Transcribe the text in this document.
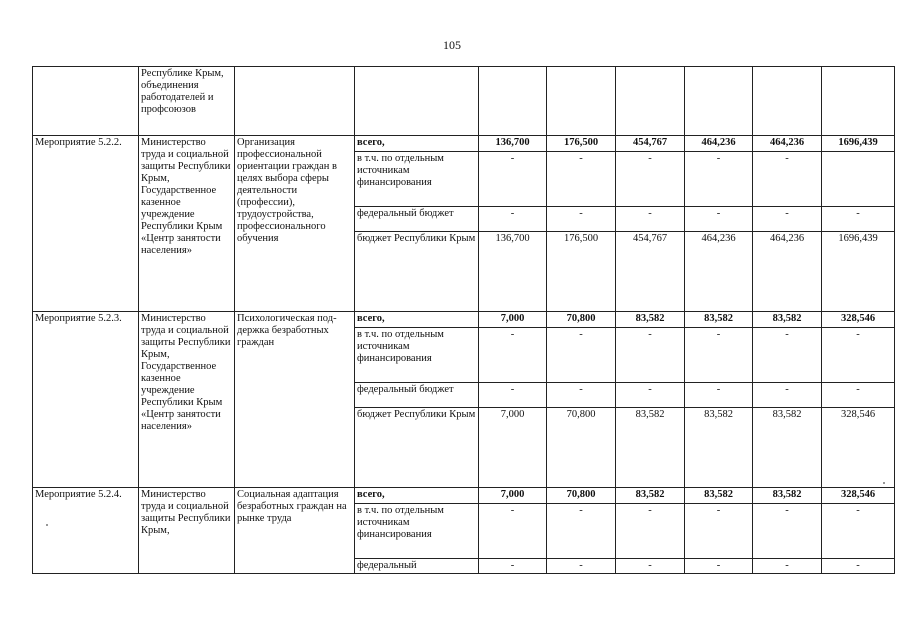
105
	Республике Крым, объединения работодателей и профсоюзов								
Мероприятие 5.2.2.	Министерство труда и социальной защиты Республики Крым, Государственное казенное учреждение Республики Крым «Центр занятости населения»	Организация профессиональной ориентации граждан в целях выбора сферы деятельности (профессии), трудоустройства, профессионального обучения	всего,	136,700	176,500	454,767	464,236	464,236	1696,439
			в т.ч. по отдельным источникам финансирования	-	-	-	-	-	
			федеральный бюджет	-	-	-	-	-	-
			бюджет Республики Крым	136,700	176,500	454,767	464,236	464,236	1696,439
Мероприятие 5.2.3.	Министерство труда и социальной защиты Республики Крым, Государственное казенное учреждение Республики Крым «Центр занятости населения»	Психологическая под-держка безработных граждан	всего,	7,000	70,800	83,582	83,582	83,582	328,546
			в т.ч. по отдельным источникам финансирования	-	-	-	-	-	-
			федеральный бюджет	-	-	-	-	-	-
			бюджет Республики Крым	7,000	70,800	83,582	83,582	83,582	328,546
Мероприятие 5.2.4.	Министерство труда и социальной защиты Республики Крым,	Социальная адаптация безработных граждан на рынке труда	всего,	7,000	70,800	83,582	83,582	83,582	328,546
			в т.ч. по отдельным источникам финансирования	-	-	-	-	-	-
			федеральный	-	-	-	-	-	-
